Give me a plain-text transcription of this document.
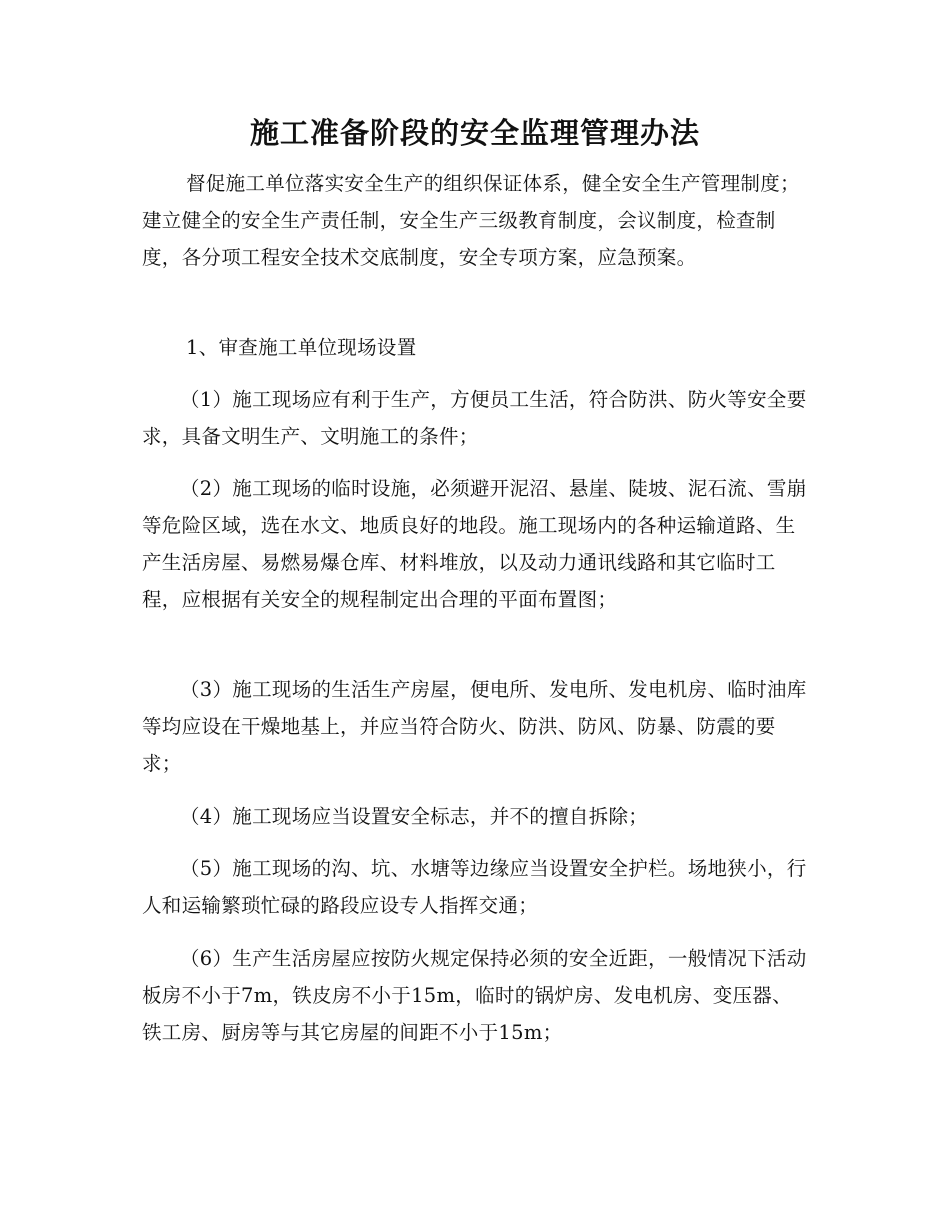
施工准备阶段的安全监理管理办法

督促施工单位落实安全生产的组织保证体系，健全安全生产管理制度；建立健全的安全生产责任制，安全生产三级教育制度，会议制度，检查制度，各分项工程安全技术交底制度，安全专项方案，应急预案。

1、审查施工单位现场设置

（1）施工现场应有利于生产，方便员工生活，符合防洪、防火等安全要求，具备文明生产、文明施工的条件；

（2）施工现场的临时设施，必须避开泥沼、悬崖、陡坡、泥石流、雪崩等危险区域，选在水文、地质良好的地段。施工现场内的各种运输道路、生产生活房屋、易燃易爆仓库、材料堆放，以及动力通讯线路和其它临时工程，应根据有关安全的规程制定出合理的平面布置图；

（3）施工现场的生活生产房屋，便电所、发电所、发电机房、临时油库等均应设在干燥地基上，并应当符合防火、防洪、防风、防暴、防震的要求；

（4）施工现场应当设置安全标志，并不的擅自拆除；

（5）施工现场的沟、坑、水塘等边缘应当设置安全护栏。场地狭小，行人和运输繁琐忙碌的路段应设专人指挥交通；

（6）生产生活房屋应按防火规定保持必须的安全近距，一般情况下活动板房不小于7m，铁皮房不小于15m，临时的锅炉房、发电机房、变压器、铁工房、厨房等与其它房屋的间距不小于15m；
